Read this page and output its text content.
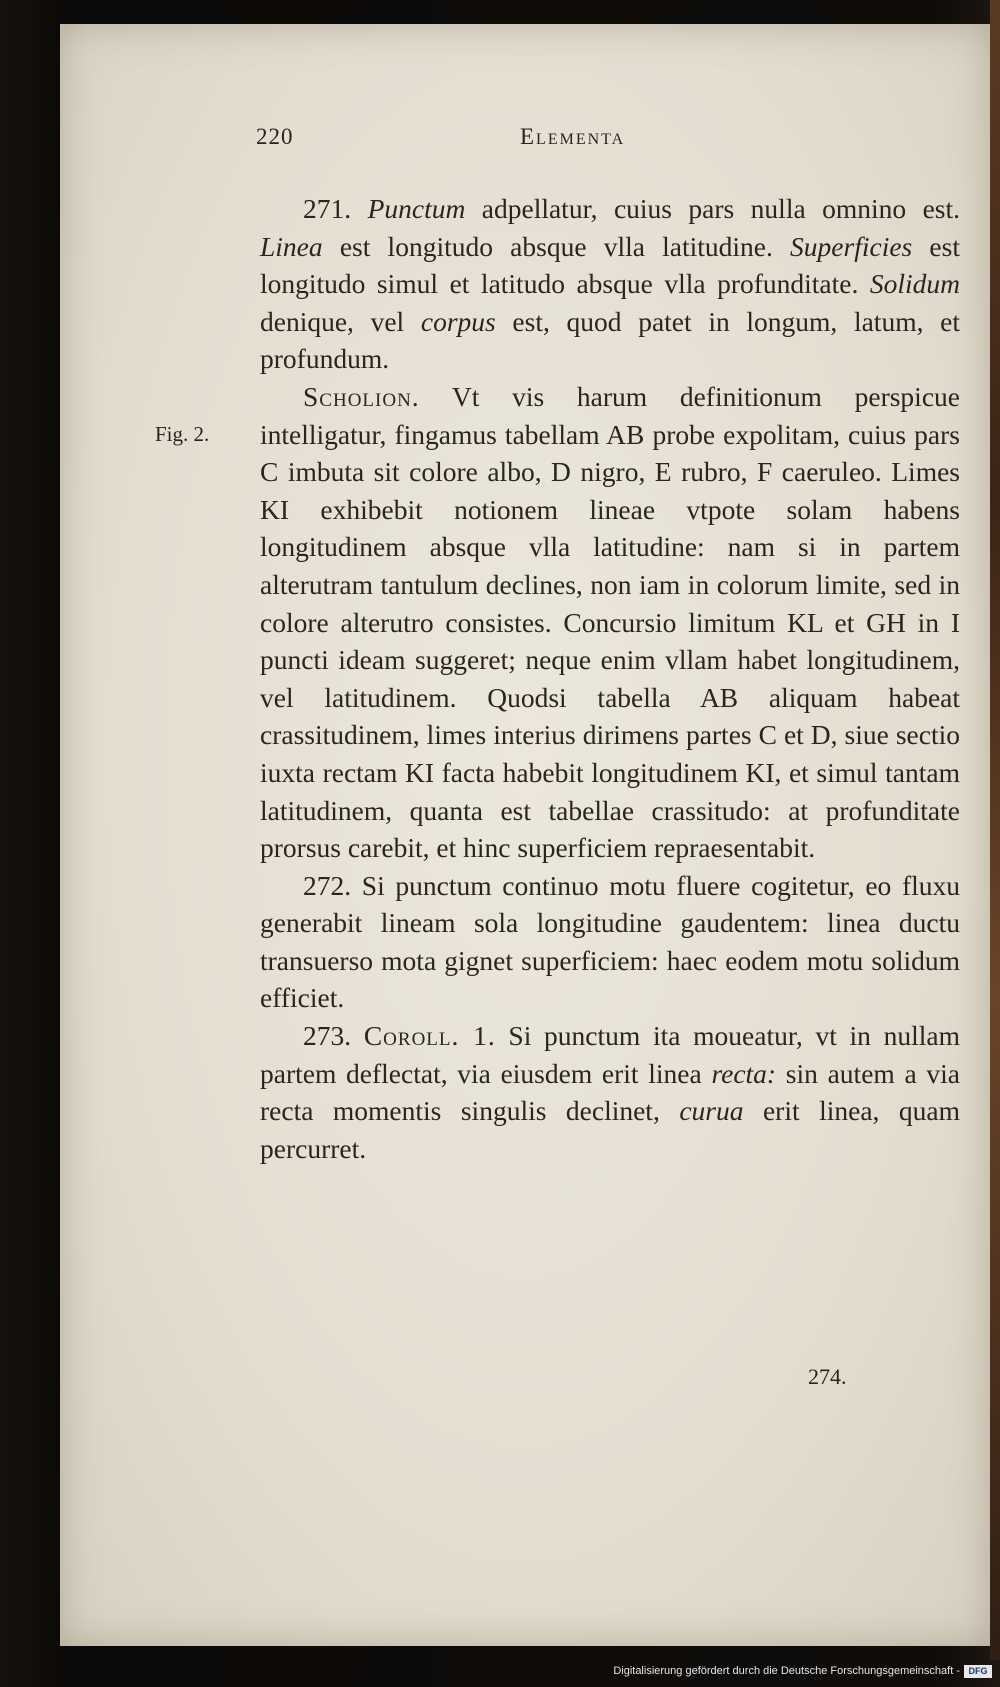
220	Elementa
Fig. 2.

271. Punctum adpellatur, cuius pars nulla omnino est. Linea est longitudo absque vlla latitudine. Superficies est longitudo simul et latitudo absque vlla profunditate. Solidum denique, vel corpus est, quod patet in longum, latum, et profundum.

Scholion. Vt vis harum definitionum perspicue intelligatur, fingamus tabellam AB probe expolitam, cuius pars C imbuta sit colore albo, D nigro, E rubro, F caeruleo. Limes KI exhibebit notionem lineae vtpote solam habens longitudinem absque vlla latitudine: nam si in partem alterutram tantulum declines, non iam in colorum limite, sed in colore alterutro consistes. Concursio limitum KL et GH in I puncti ideam suggeret; neque enim vllam habet longitudinem, vel latitudinem. Quodsi tabella AB aliquam habeat crassitudinem, limes interius dirimens partes C et D, siue sectio iuxta rectam KI facta habebit longitudinem KI, et simul tantam latitudinem, quanta est tabellae crassitudo: at profunditate prorsus carebit, et hinc superficiem repraesentabit.

272. Si punctum continuo motu fluere cogitetur, eo fluxu generabit lineam sola longitudine gaudentem: linea ductu transuerso mota gignet superficiem: haec eodem motu solidum efficiet.

273. Coroll. 1. Si punctum ita moueatur, vt in nullam partem deflectat, via eiusdem erit linea recta: sin autem a via recta momentis singulis declinet, curua erit linea, quam percurret.

274.
Digitalisierung gefördert durch die Deutsche Forschungsgemeinschaft - DFG
